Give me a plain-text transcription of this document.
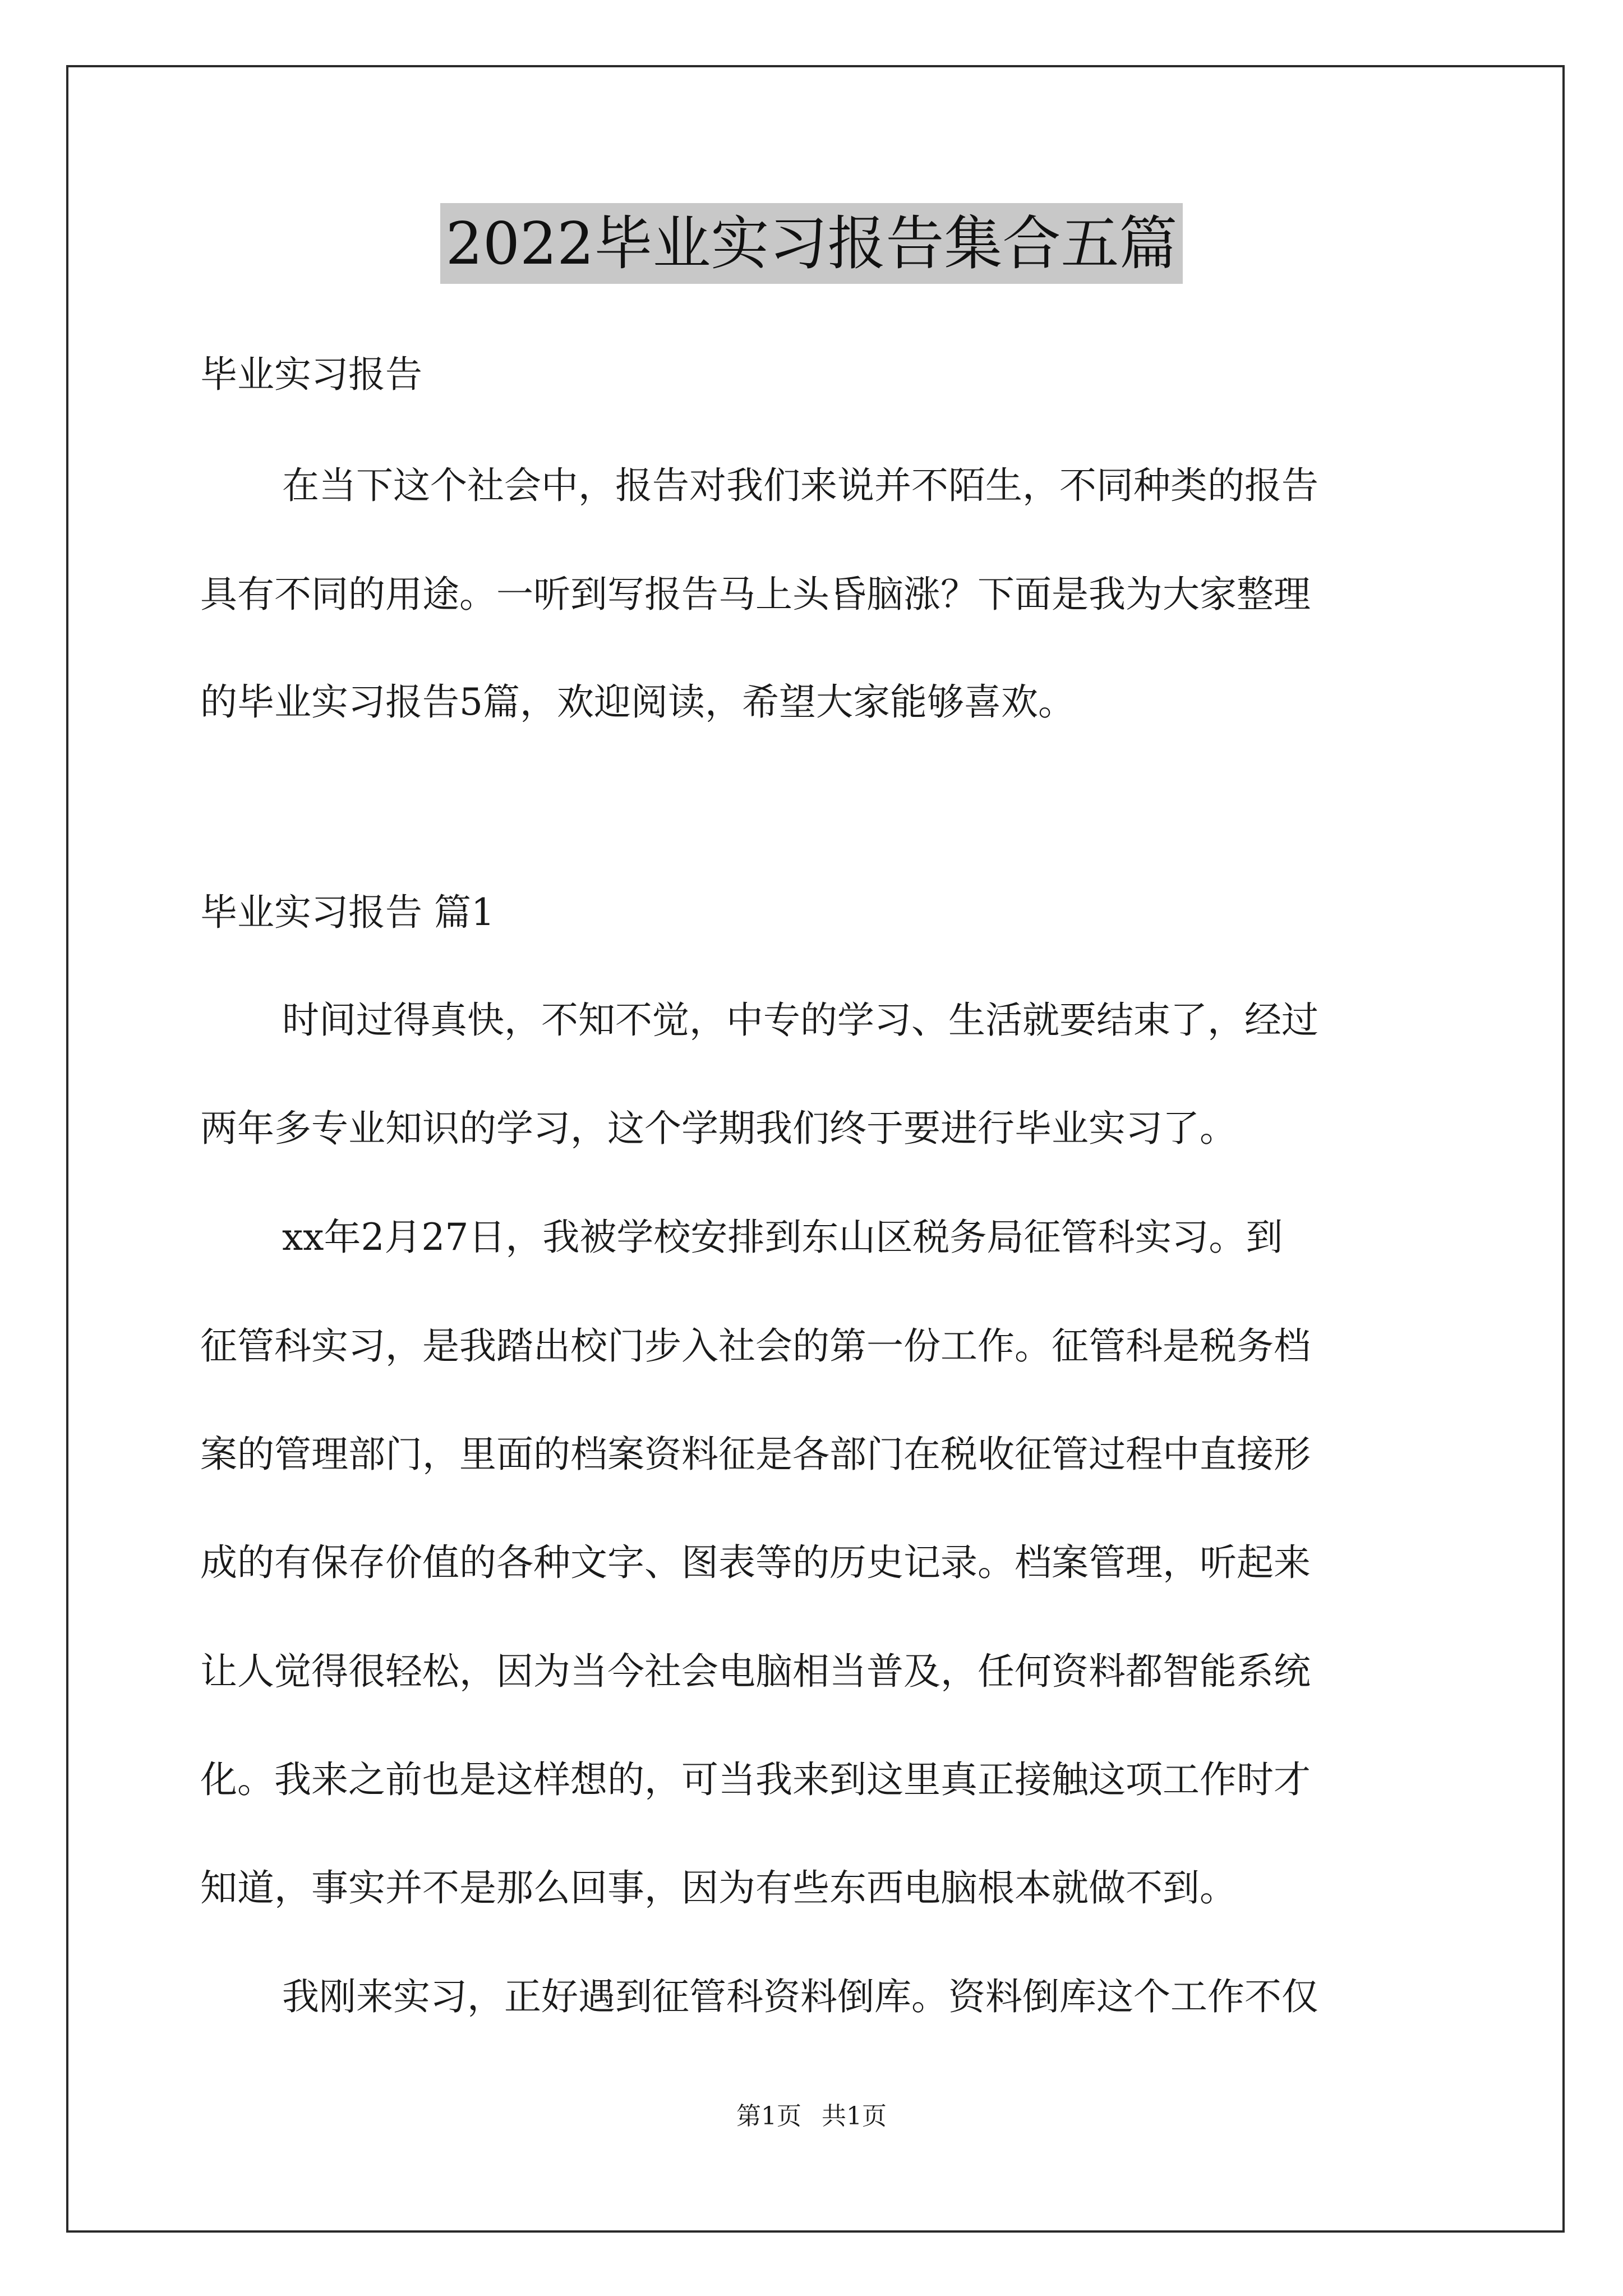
2022毕业实习报告集合五篇
毕业实习报告
在当下这个社会中，报告对我们来说并不陌生，不同种类的报告
具有不同的用途。一听到写报告马上头昏脑涨？下面是我为大家整理
的毕业实习报告5篇，欢迎阅读，希望大家能够喜欢。
毕业实习报告 篇1
时间过得真快，不知不觉，中专的学习、生活就要结束了，经过
两年多专业知识的学习，这个学期我们终于要进行毕业实习了。
xx年2月27日，我被学校安排到东山区税务局征管科实习。到
征管科实习，是我踏出校门步入社会的第一份工作。征管科是税务档
案的管理部门，里面的档案资料征是各部门在税收征管过程中直接形
成的有保存价值的各种文字、图表等的历史记录。档案管理，听起来
让人觉得很轻松，因为当今社会电脑相当普及，任何资料都智能系统
化。我来之前也是这样想的，可当我来到这里真正接触这项工作时才
知道，事实并不是那么回事，因为有些东西电脑根本就做不到。
我刚来实习，正好遇到征管科资料倒库。资料倒库这个工作不仅
第1页 共1页
